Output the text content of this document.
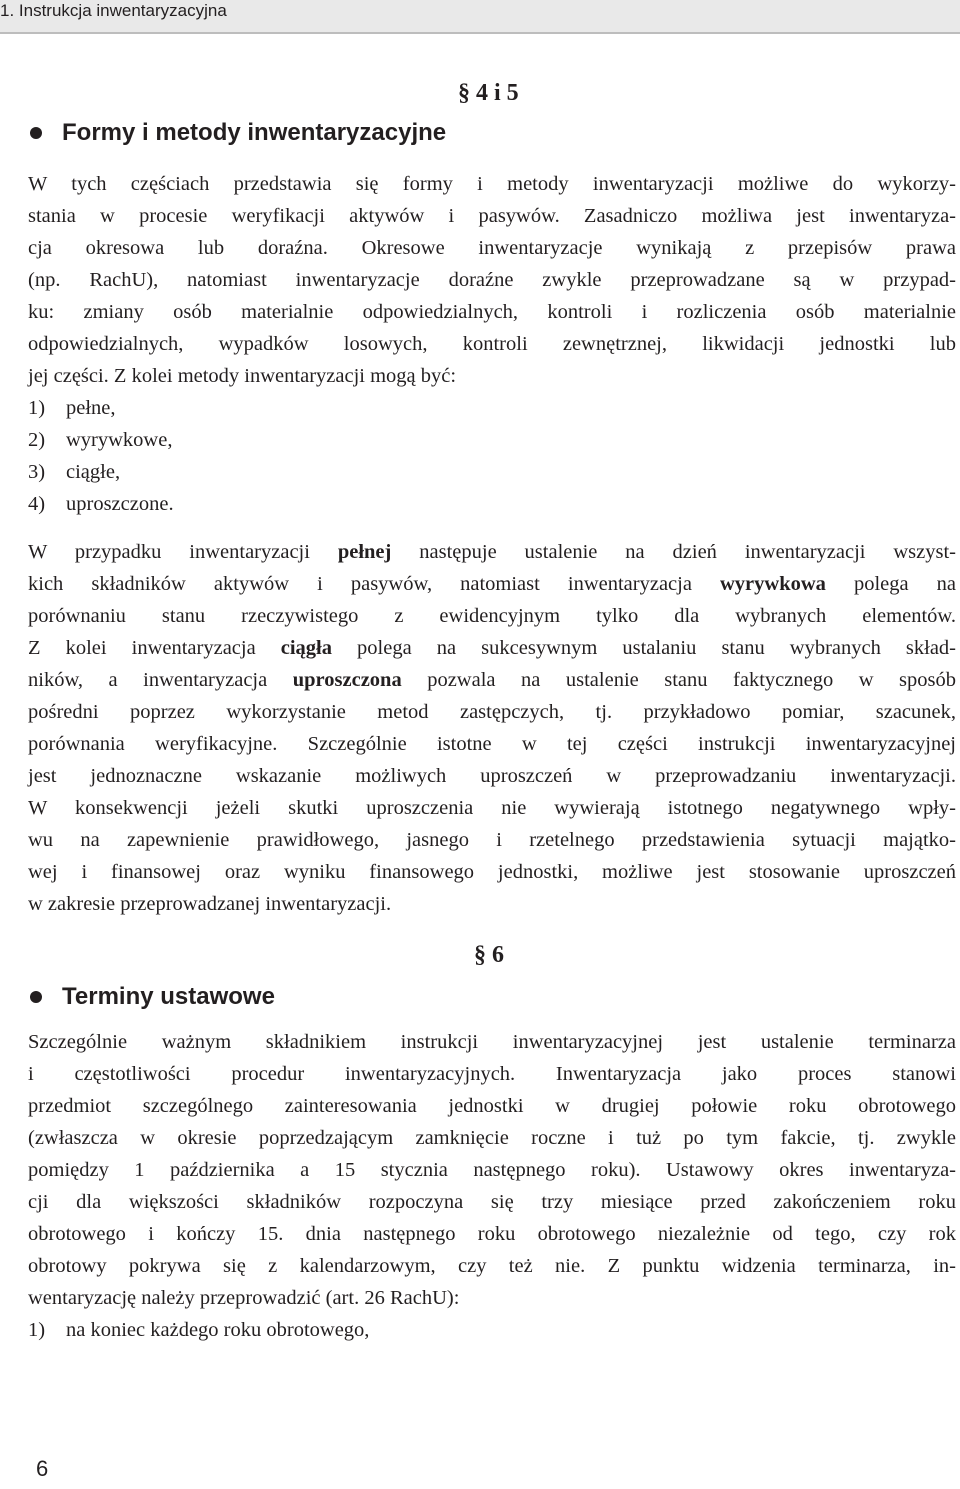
1. Instrukcja inwentaryzacyjna
§ 4 i 5
Formy i metody inwentaryzacyjne
W tych częściach przedstawia się formy i metody inwentaryzacji możliwe do wykorzy-
stania w procesie weryfikacji aktywów i pasywów. Zasadniczo możliwa jest inwentaryza-
cja okresowa lub doraźna. Okresowe inwentaryzacje wynikają z przepisów prawa
(np. RachU), natomiast inwentaryzacje doraźne zwykle przeprowadzane są w przypad-
ku: zmiany osób materialnie odpowiedzialnych, kontroli i rozliczenia osób materialnie
odpowiedzialnych, wypadków losowych, kontroli zewnętrznej, likwidacji jednostki lub
jej części. Z kolei metody inwentaryzacji mogą być:
1) pełne,
2) wyrywkowe,
3) ciągłe,
4) uproszczone.
W przypadku inwentaryzacji pełnej następuje ustalenie na dzień inwentaryzacji wszyst-
kich składników aktywów i pasywów, natomiast inwentaryzacja wyrywkowa polega na
porównaniu stanu rzeczywistego z ewidencyjnym tylko dla wybranych elementów.
Z kolei inwentaryzacja ciągła polega na sukcesywnym ustalaniu stanu wybranych skład-
ników, a inwentaryzacja uproszczona pozwala na ustalenie stanu faktycznego w sposób
pośredni poprzez wykorzystanie metod zastępczych, tj. przykładowo pomiar, szacunek,
porównania weryfikacyjne. Szczególnie istotne w tej części instrukcji inwentaryzacyjnej
jest jednoznaczne wskazanie możliwych uproszczeń w przeprowadzaniu inwentaryzacji.
W konsekwencji jeżeli skutki uproszczenia nie wywierają istotnego negatywnego wpły-
wu na zapewnienie prawidłowego, jasnego i rzetelnego przedstawienia sytuacji majątko-
wej i finansowej oraz wyniku finansowego jednostki, możliwe jest stosowanie uproszczeń
w zakresie przeprowadzanej inwentaryzacji.
§ 6
Terminy ustawowe
Szczególnie ważnym składnikiem instrukcji inwentaryzacyjnej jest ustalenie terminarza
i częstotliwości procedur inwentaryzacyjnych. Inwentaryzacja jako proces stanowi
przedmiot szczególnego zainteresowania jednostki w drugiej połowie roku obrotowego
(zwłaszcza w okresie poprzedzającym zamknięcie roczne i tuż po tym fakcie, tj. zwykle
pomiędzy 1 października a 15 stycznia następnego roku). Ustawowy okres inwentaryza-
cji dla większości składników rozpoczyna się trzy miesiące przed zakończeniem roku
obrotowego i kończy 15. dnia następnego roku obrotowego niezależnie od tego, czy rok
obrotowy pokrywa się z kalendarzowym, czy też nie. Z punktu widzenia terminarza, in-
wentaryzację należy przeprowadzić (art. 26 RachU):
1) na koniec każdego roku obrotowego,
6
